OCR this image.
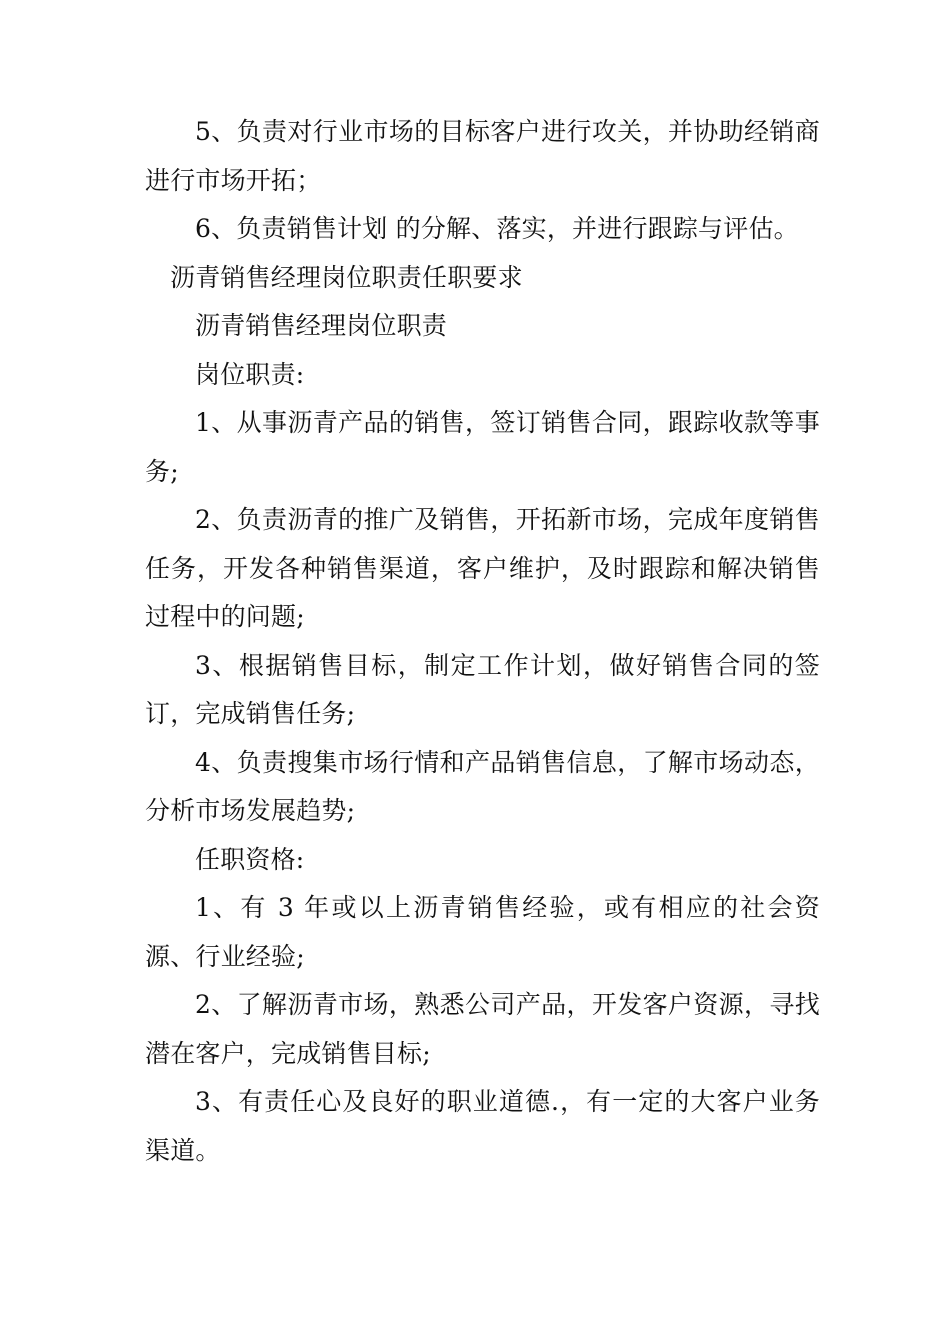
5、负责对行业市场的目标客户进行攻关，并协助经销商进行市场开拓；

6、负责销售计划 的分解、落实，并进行跟踪与评估。

沥青销售经理岗位职责任职要求

沥青销售经理岗位职责

岗位职责:

1、从事沥青产品的销售，签订销售合同，跟踪收款等事务;

2、负责沥青的推广及销售，开拓新市场，完成年度销售任务，开发各种销售渠道，客户维护，及时跟踪和解决销售过程中的问题;

3、根据销售目标，制定工作计划，做好销售合同的签订，完成销售任务;

4、负责搜集市场行情和产品销售信息，了解市场动态，分析市场发展趋势;

任职资格:

1、有 3 年或以上沥青销售经验，或有相应的社会资源、行业经验;

2、了解沥青市场，熟悉公司产品，开发客户资源，寻找潜在客户，完成销售目标;

3、有责任心及良好的职业道德.，有一定的大客户业务渠道。
